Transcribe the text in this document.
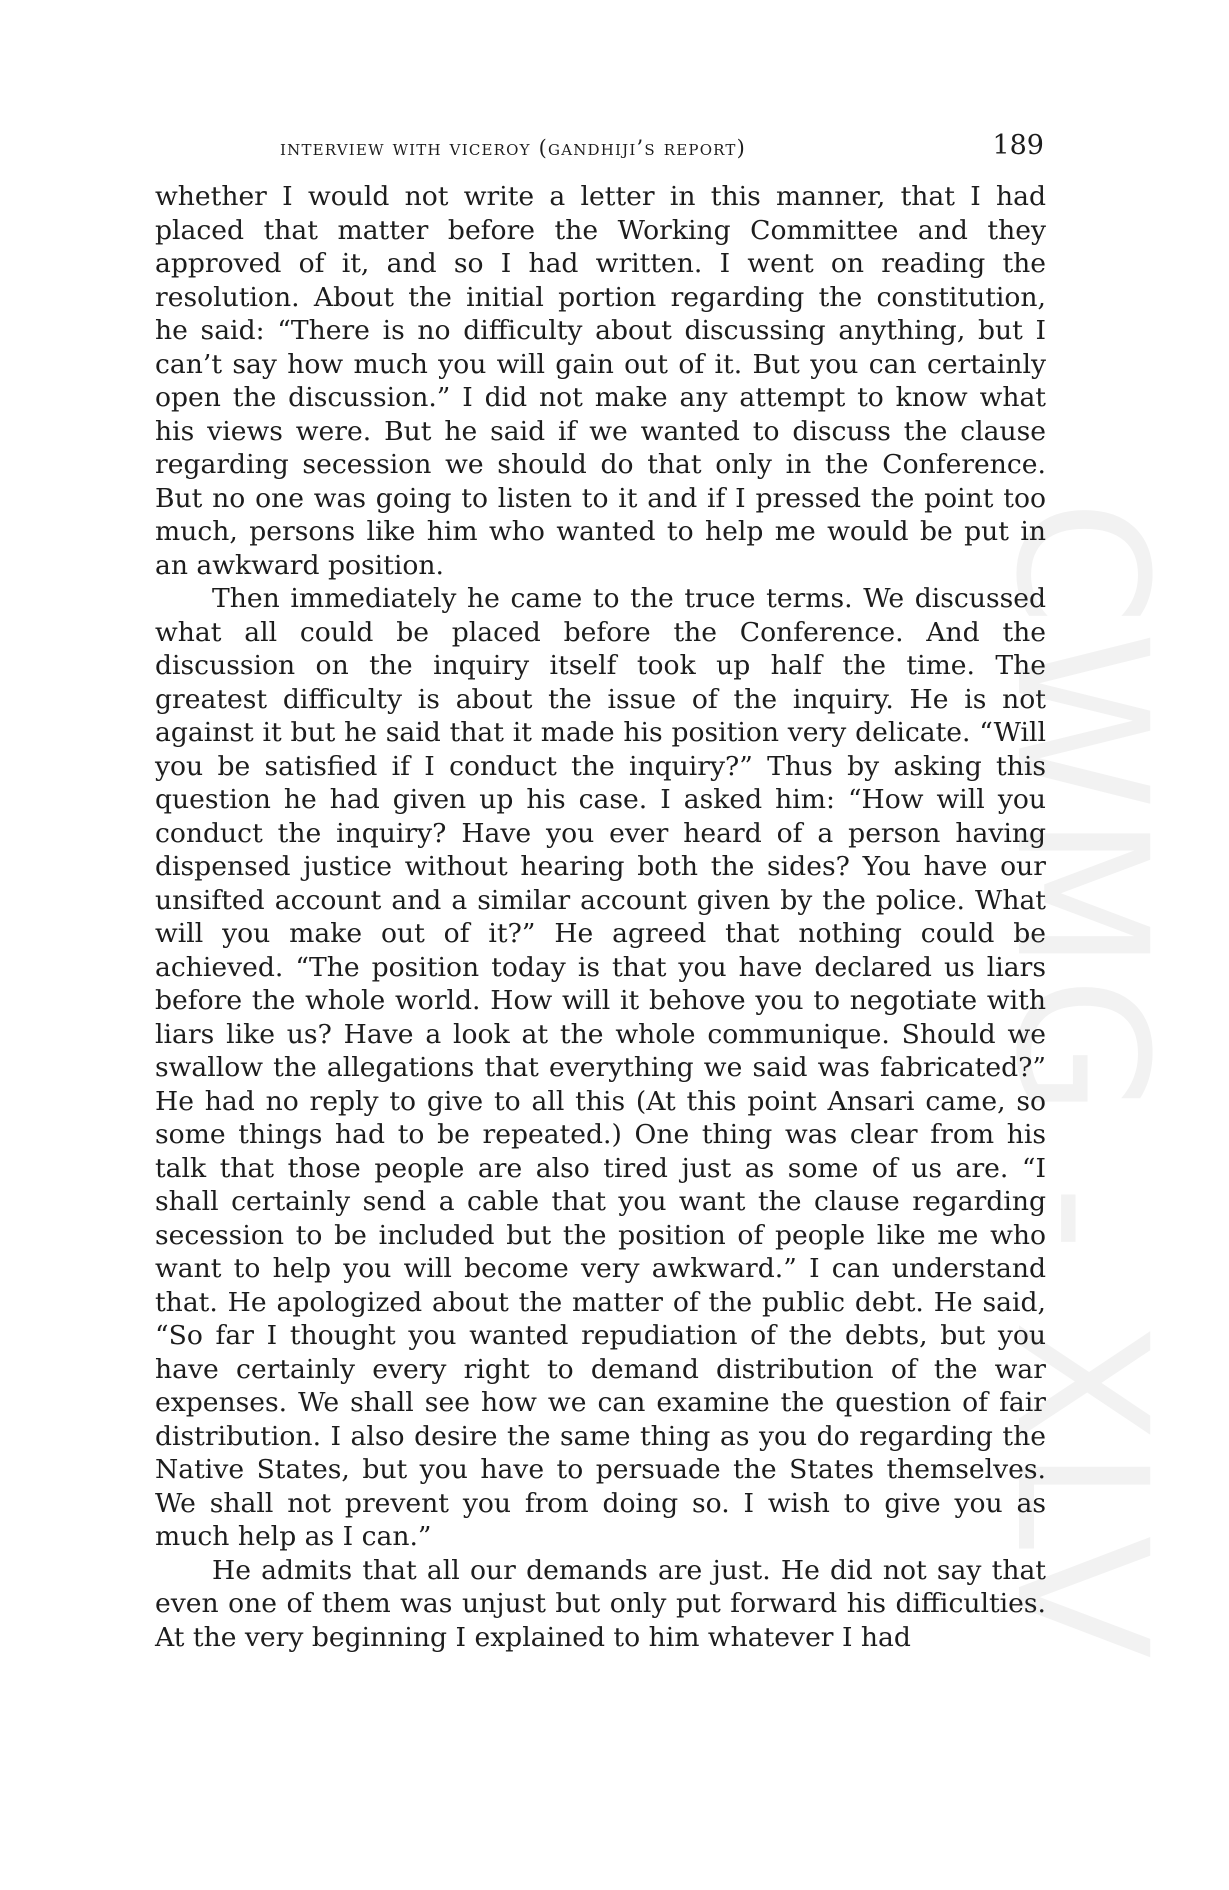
CWMG - XLV
interview with viceroy (gandhiji’s report)	189

whether I would not write a letter in this manner, that I had placed that matter before the Working Committee and they approved of it, and so I had written. I went on reading the resolution. About the initial portion regarding the constitution, he said: “There is no difficulty about discussing anything, but I can’t say how much you will gain out of it. But you can certainly open the discussion.” I did not make any attempt to know what his views were. But he said if we wanted to discuss the clause regarding secession we should do that only in the Conference. But no one was going to listen to it and if I pressed the point too much, persons like him who wanted to help me would be put in an awkward position.

Then immediately he came to the truce terms. We discussed what all could be placed before the Conference. And the discussion on the inquiry itself took up half the time. The greatest difficulty is about the issue of the inquiry. He is not against it but he said that it made his position very delicate. “Will you be satisfied if I conduct the inquiry?” Thus by asking this question he had given up his case. I asked him: “How will you conduct the inquiry? Have you ever heard of a person having dispensed justice without hearing both the sides? You have our unsifted account and a similar account given by the police. What will you make out of it?” He agreed that nothing could be achieved. “The position today is that you have declared us liars before the whole world. How will it behove you to negotiate with liars like us? Have a look at the whole communique. Should we swallow the allegations that everything we said was fabricated?” He had no reply to give to all this (At this point Ansari came, so some things had to be repeated.) One thing was clear from his talk that those people are also tired just as some of us are. “I shall certainly send a cable that you want the clause regarding secession to be included but the position of people like me who want to help you will become very awkward.” I can understand that. He apologized about the matter of the public debt. He said, “So far I thought you wanted repudiation of the debts, but you have certainly every right to demand distribution of the war expenses. We shall see how we can examine the question of fair distribution. I also desire the same thing as you do regarding the Native States, but you have to persuade the States themselves. We shall not prevent you from doing so. I wish to give you as much help as I can.”

He admits that all our demands are just. He did not say that even one of them was unjust but only put forward his difficulties. At the very beginning I explained to him whatever I had
